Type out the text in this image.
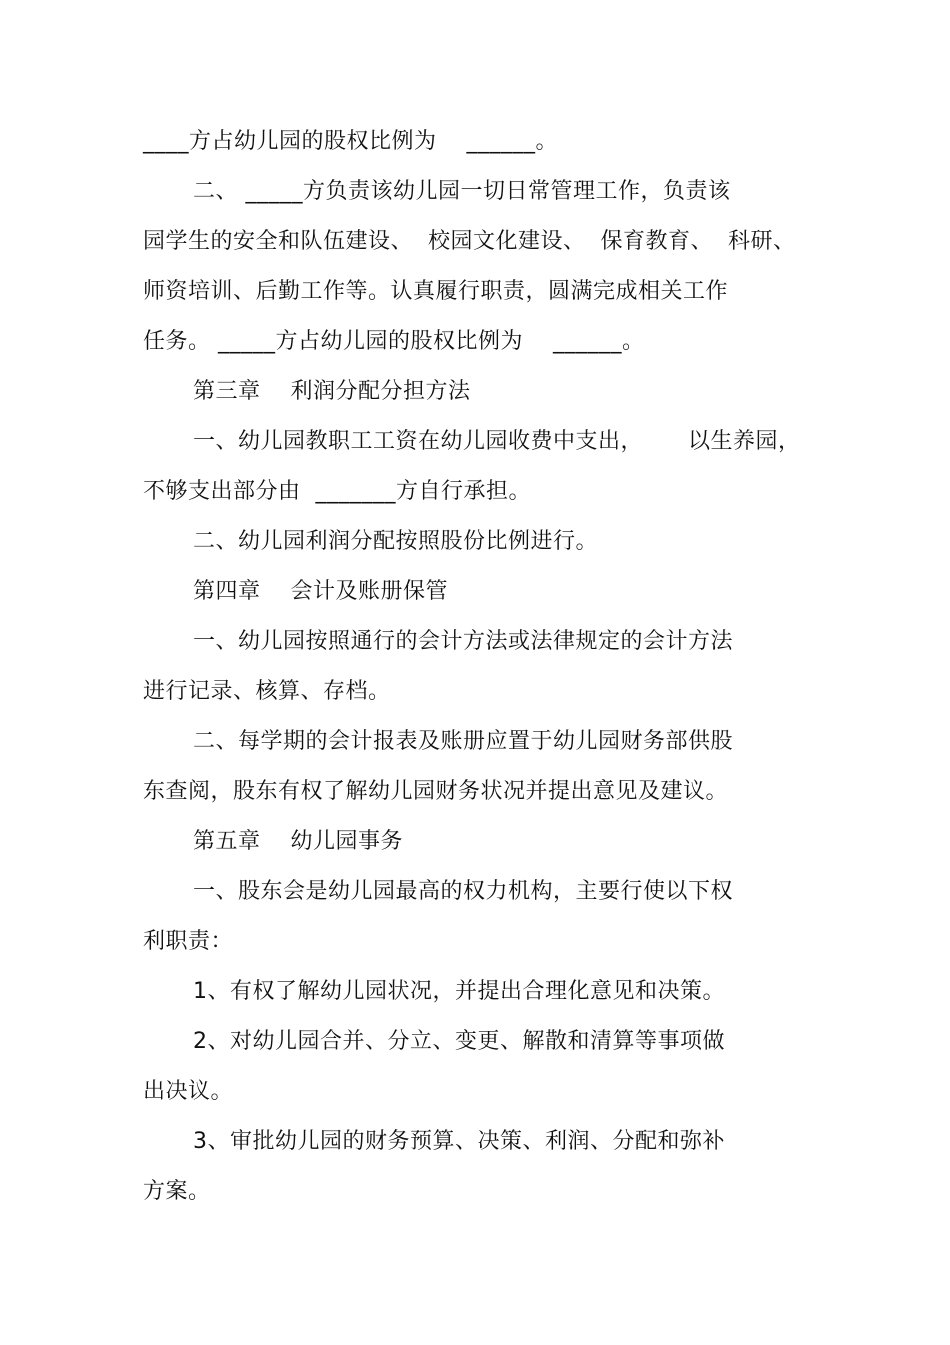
____方占幼儿园的股权比例为    ______。
二、 _____方负责该幼儿园一切日常管理工作，负责该
园学生的安全和队伍建设、  校园文化建设、  保育教育、  科研、
师资培训、后勤工作等。认真履行职责，圆满完成相关工作
任务。 _____方占幼儿园的股权比例为    ______。
第三章    利润分配分担方法
一、幼儿园教职工工资在幼儿园收费中支出，      以生养园，
不够支出部分由  _______方自行承担。
二、幼儿园利润分配按照股份比例进行。
第四章    会计及账册保管
一、幼儿园按照通行的会计方法或法律规定的会计方法
进行记录、核算、存档。
二、每学期的会计报表及账册应置于幼儿园财务部供股
东查阅，股东有权了解幼儿园财务状况并提出意见及建议。
第五章    幼儿园事务
一、股东会是幼儿园最高的权力机构，主要行使以下权
利职责：
1、有权了解幼儿园状况，并提出合理化意见和决策。
2、对幼儿园合并、分立、变更、解散和清算等事项做
出决议。
3、审批幼儿园的财务预算、决策、利润、分配和弥补
方案。
